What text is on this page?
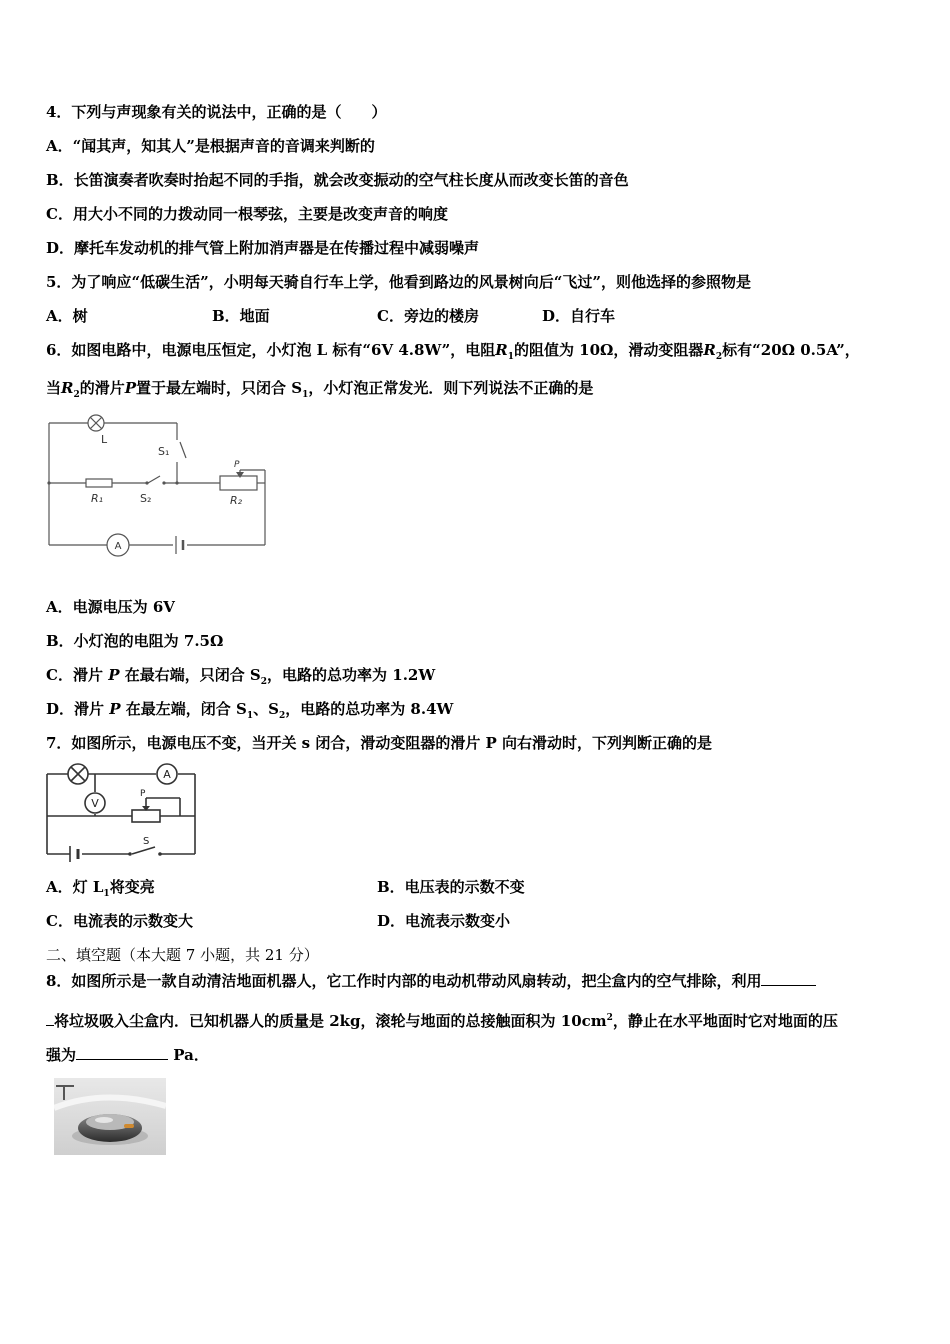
4．下列与声现象有关的说法中，正确的是（　　）
A．“闻其声，知其人”是根据声音的音调来判断的
B．长笛演奏者吹奏时抬起不同的手指，就会改变振动的空气柱长度从而改变长笛的音色
C．用大小不同的力拨动同一根琴弦，主要是改变声音的响度
D．摩托车发动机的排气管上附加消声器是在传播过程中减弱噪声
5．为了响应“低碳生活”，小明每天骑自行车上学，他看到路边的风景树向后“飞过”，则他选择的参照物是
A．树	B．地面	C．旁边的楼房	D．自行车
6．如图电路中，电源电压恒定，小灯泡 L 标有“6V 4.8W”，电阻$R_1$的阻值为 10Ω，滑动变阻器$R_2$标有“20Ω 0.5A”，
当$R_2$的滑片P置于最左端时，只闭合 $S_1$，小灯泡正常发光．则下列说法不正确的是
A
L
S₁
R₁	S₂
P
R₂
A．电源电压为 6V
B．小灯泡的电阻为 7.5Ω
C．滑片 P 在最右端，只闭合 $S_2$，电路的总功率为 1.2W
D．滑片 P 在最左端，闭合 $S_1$、$S_2$，电路的总功率为 8.4W
7．如图所示，电源电压不变，当开关 s 闭合，滑动变阻器的滑片 P 向右滑动时，下列判断正确的是
A
V
P
S
A．灯 $L_1$将变亮	B．电压表的示数不变
C．电流表的示数变大	D．电流表示数变小
二、填空题（本大题 7 小题，共 21 分）
8．如图所示是一款自动清洁地面机器人，它工作时内部的电动机带动风扇转动，把尘盒内的空气排除，利用
将垃圾吸入尘盒内．已知机器人的质量是 2kg，滚轮与地面的总接触面积为 $10cm^2$，静止在水平地面时它对地面的压
强为	Pa．
